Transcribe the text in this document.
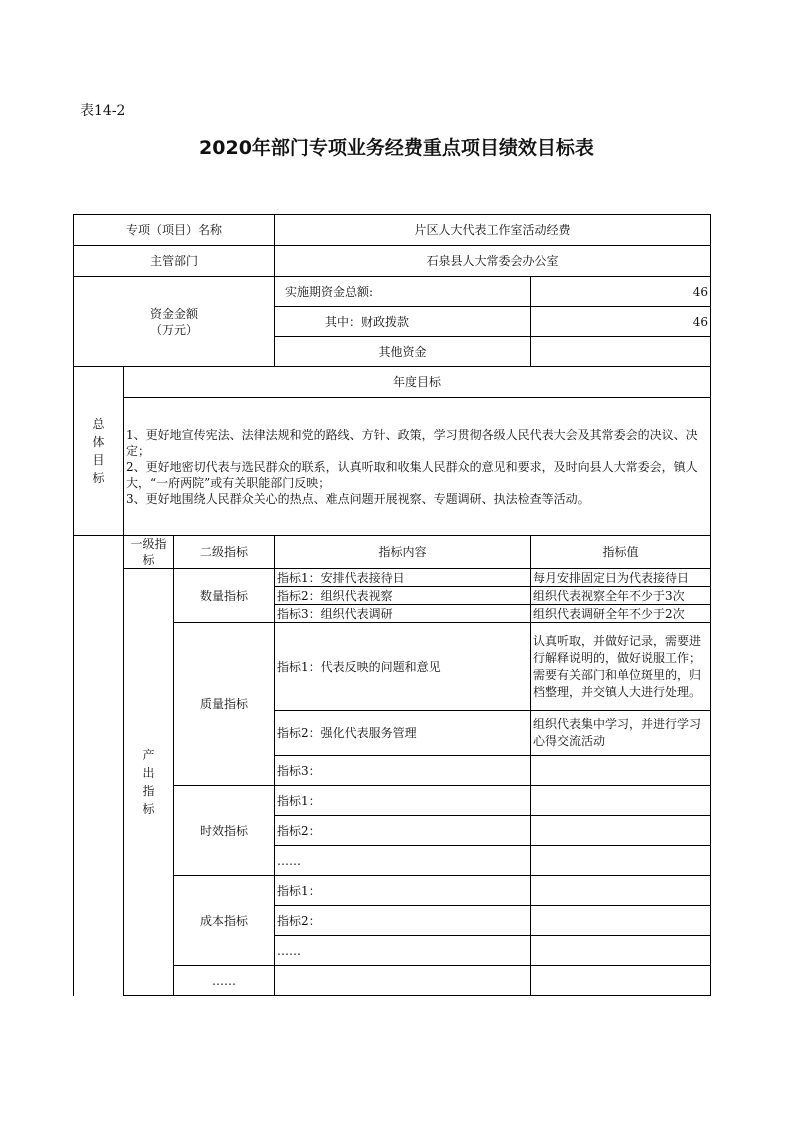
表14-2
2020年部门专项业务经费重点项目绩效目标表
专项（项目）名称			片区人大代表工作室活动经费	
主管部门			石泉县人大常委会办公室	

资金金额
（万元）			实施期资金总额:	46
			其中：财政拨款	46
			其他资金	

总体目标	年度目标			

	1、更好地宣传宪法、法律法规和党的路线、方针、政策，学习贯彻各级人民代表大会及其常委会的决议、决定；
2、更好地密切代表与选民群众的联系，认真听取和收集人民群众的意见和要求，及时向县人大常委会，镇人大，“一府两院”或有关职能部门反映；
3、更好地围绕人民群众关心的热点、难点问题开展视察、专题调研、执法检查等活动。			

	一级指标	二级指标	指标内容	指标值

	产出指标	数量指标	指标1：安排代表接待日	每月安排固定日为代表接待日
			指标2：组织代表视察	组织代表视察全年不少于3次
			指标3：组织代表调研	组织代表调研全年不少于2次
		质量指标	指标1：代表反映的问题和意见	认真听取，并做好记录，需要进行解释说明的，做好说服工作；需要有关部门和单位斑里的，归档整理，并交镇人大进行处理。
			指标2：强化代表服务管理	组织代表集中学习，并进行学习心得交流活动
			指标3：	
		时效指标	指标1：	
			指标2：	
			……	
		成本指标	指标1：	
			指标2：	
			……	
		……		
